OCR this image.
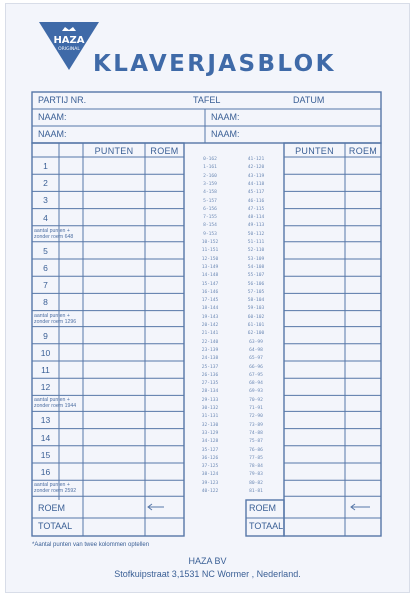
HAZA
ORIGINAL
KLAVERJASBLOK
PARTIJ NR.	TAFEL	DATUM
NAAM:	NAAM:
NAAM:	NAAM:
PUNTEN	ROEM	PUNTEN	ROEM
1
2
3
4
aantal punten + zonder roem 648
5
6
7
8
aantal punten + zonder roem 1296
9
10
11
12
aantal punten + zonder roem 1944
13
14
15
16
aantal punten + zonder roem 2592
0-162	41-121
1-161	42-120
2-160	43-119
3-159	44-118
4-158	45-117
5-157	46-116
6-156	47-115
7-155	48-114
8-154	49-113
9-153	50-112
10-152	51-111
11-151	52-110
12-150	53-109
13-149	54-108
14-148	55-107
15-147	56-106
16-146	57-105
17-145	58-104
18-144	59-103
19-143	60-102
20-142	61-101
21-141	62-100
22-140	63-99
23-139	64-98
24-138	65-97
25-137	66-96
26-136	67-95
27-135	68-94
28-134	69-93
29-133	70-92
30-132	71-91
31-131	72-90
32-130	73-89
33-129	74-88
34-128	75-87
35-127	76-86
36-126	77-85
37-125	78-84
38-124	79-83
39-123	80-82
40-122	81-81
ROEM
TOTAAL
ROEM
TOTAAL
*Aantal punten van twee kolommen optellen
HAZA BV
Stofkuipstraat 3,1531 NC Wormer , Nederland.
